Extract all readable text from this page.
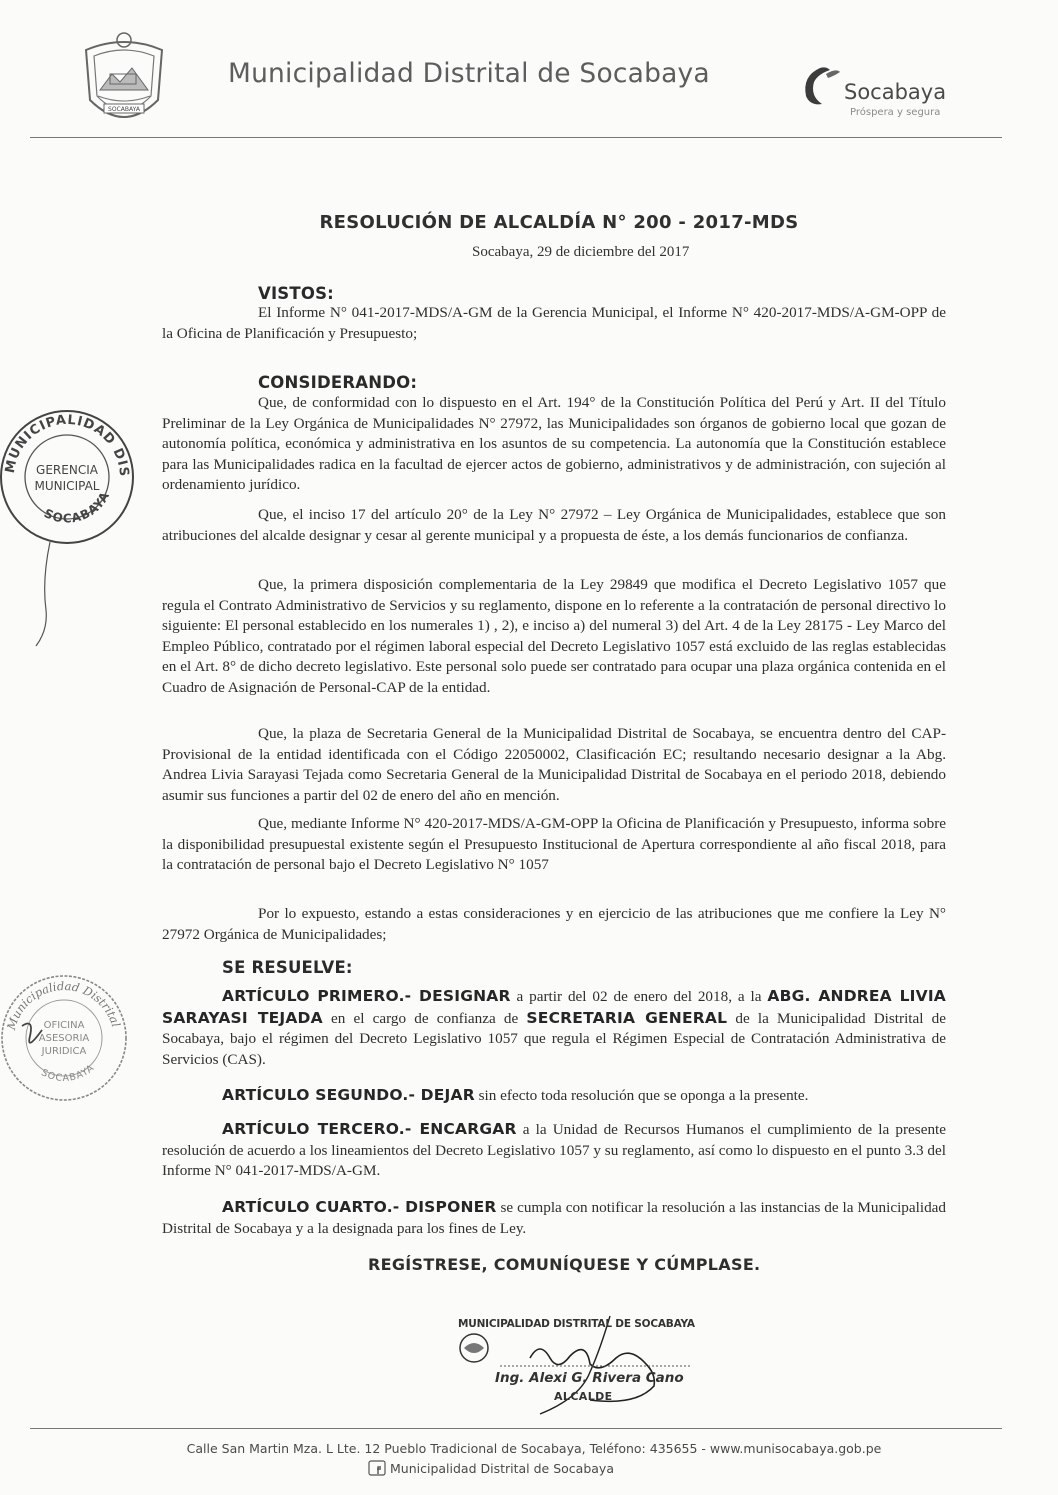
SOCABAYA
Municipalidad Distrital de Socabaya
Socabaya
Próspera y segura
RESOLUCIÓN DE ALCALDÍA N° 200 - 2017-MDS
Socabaya, 29 de diciembre del 2017
VISTOS:
El Informe N° 041-2017-MDS/A-GM de la Gerencia Municipal, el Informe N° 420-2017-MDS/A-GM-OPP de la Oficina de Planificación y Presupuesto;
CONSIDERANDO:
Que, de conformidad con lo dispuesto en el Art. 194° de la Constitución Política del Perú y Art. II del Título Preliminar de la Ley Orgánica de Municipalidades N° 27972, las Municipalidades son órganos de gobierno local que gozan de autonomía política, económica y administrativa en los asuntos de su competencia. La autonomía que la Constitución establece para las Municipalidades radica en la facultad de ejercer actos de gobierno, administrativos y de administración, con sujeción al ordenamiento jurídico.
Que, el inciso 17 del artículo 20° de la Ley N° 27972 – Ley Orgánica de Municipalidades, establece que son atribuciones del alcalde designar y cesar al gerente municipal y a propuesta de éste, a los demás funcionarios de confianza.
Que, la primera disposición complementaria de la Ley 29849 que modifica el Decreto Legislativo 1057 que regula el Contrato Administrativo de Servicios y su reglamento, dispone en lo referente a la contratación de personal directivo lo siguiente: El personal establecido en los numerales 1) , 2), e inciso a) del numeral 3) del Art. 4 de la Ley 28175 - Ley Marco del Empleo Público, contratado por el régimen laboral especial del Decreto Legislativo 1057 está excluido de las reglas establecidas en el Art. 8° de dicho decreto legislativo. Este personal solo puede ser contratado para ocupar una plaza orgánica contenida en el Cuadro de Asignación de Personal-CAP de la entidad.
Que, la plaza de Secretaria General de la Municipalidad Distrital de Socabaya, se encuentra dentro del CAP-Provisional de la entidad identificada con el Código 22050002, Clasificación EC; resultando necesario designar a la Abg. Andrea Livia Sarayasi Tejada como Secretaria General de la Municipalidad Distrital de Socabaya en el periodo 2018, debiendo asumir sus funciones a partir del 02 de enero del año en mención.
Que, mediante Informe N° 420-2017-MDS/A-GM-OPP la Oficina de Planificación y Presupuesto, informa sobre la disponibilidad presupuestal existente según el Presupuesto Institucional de Apertura correspondiente al año fiscal 2018, para la contratación de personal bajo el Decreto Legislativo N° 1057
Por lo expuesto, estando a estas consideraciones y en ejercicio de las atribuciones que me confiere la Ley N° 27972 Orgánica de Municipalidades;
SE RESUELVE:
ARTÍCULO PRIMERO.- DESIGNAR a partir del 02 de enero del 2018, a la ABG. ANDREA LIVIA SARAYASI TEJADA en el cargo de confianza de SECRETARIA GENERAL de la Municipalidad Distrital de Socabaya, bajo el régimen del Decreto Legislativo 1057 que regula el Régimen Especial de Contratación Administrativa de Servicios (CAS).
ARTÍCULO SEGUNDO.- DEJAR sin efecto toda resolución que se oponga a la presente.
ARTÍCULO TERCERO.- ENCARGAR a la Unidad de Recursos Humanos el cumplimiento de la presente resolución de acuerdo a los lineamientos del Decreto Legislativo 1057 y su reglamento, así como lo dispuesto en el punto 3.3 del Informe N° 041-2017-MDS/A-GM.
ARTÍCULO CUARTO.- DISPONER se cumpla con notificar la resolución a las instancias de la Municipalidad Distrital de Socabaya y a la designada para los fines de Ley.
REGÍSTRESE, COMUNÍQUESE Y CÚMPLASE.
MUNICIPALIDAD DIS
SOCABAYA
GERENCIA
MUNICIPAL
Municipalidad Distrital
SOCABAYA
OFICINA
ASESORIA
JURIDICA
MUNICIPALIDAD DISTRITAL DE SOCABAYA
Ing. Alexi G. Rivera Cano
ALCALDE
Calle San Martin Mza. L Lte. 12 Pueblo Tradicional de Socabaya, Teléfono: 435655 - www.munisocabaya.gob.pe
Municipalidad Distrital de Socabaya
